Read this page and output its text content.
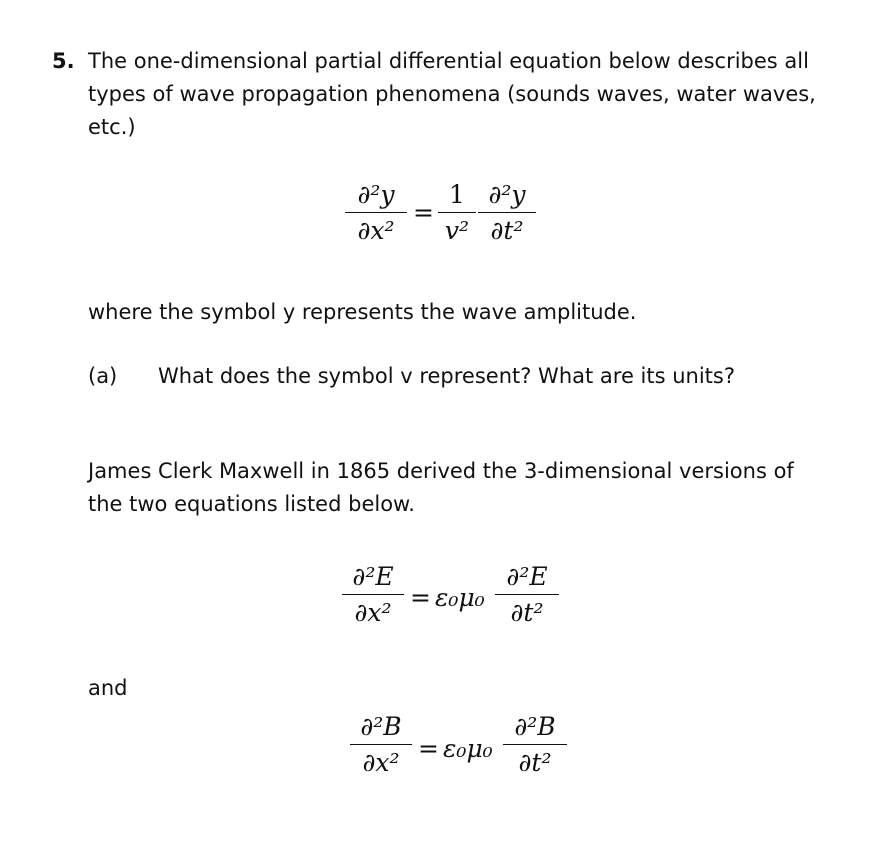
5. The one-dimensional partial differential equation below describes all types of wave propagation phenomena (sounds waves, water waves, etc.)
$\frac{\text{∂²y}}{\text{∂x²}} = \frac{1}{\text{v²}} \frac{\text{∂²y}}{\text{∂t²}}$
where the symbol y represents the wave amplitude.
(a) What does the symbol v represent? What are its units?
James Clerk Maxwell in 1865 derived the 3-dimensional versions of the two equations listed below.
$\frac{\text{∂²E}}{\text{∂x²}} = \varepsilon_0\mu_0 \frac{\text{∂²E}}{\text{∂t²}}$
and
$\frac{\text{∂²B}}{\text{∂x²}} = \varepsilon_0\mu_0 \frac{\text{∂²B}}{\text{∂t²}}$
